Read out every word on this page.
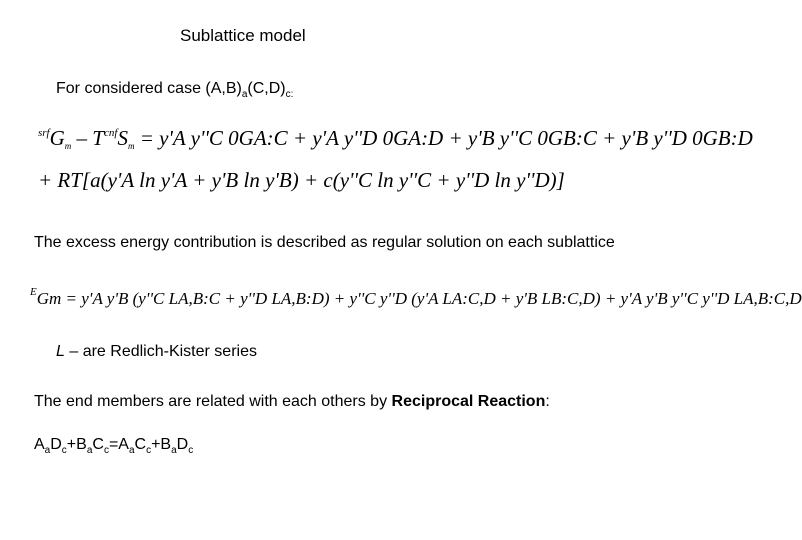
Sublattice model
For considered case $(A,B)_a(C,D)_{c:}$
$^{srf}Gm - T^{cnf}Sm = y'A$ y''C 0GA:C + y'A y''D 0GA:D + y'B y''C 0GB:C + y'B y''D 0GB:D
+ RT[a(y'A ln y'A + y'B ln y'B) + c(y''C ln y''C + y''D ln y''D)]
The excess energy contribution is described as regular solution on each sublattice
$^E$Gm = y'A y'B (y''C LA,B:C + y''D LA,B:D) + y''C y''D (y'A LA:C,D + y'B LB:C,D) + y'A y'B y''C y''D LA,B:C,D
L – are Redlich-Kister series
The end members are related with each others by Reciprocal Reaction:
$A_aD_c+B_aC_c=A_aC_c+B_aD_c$
